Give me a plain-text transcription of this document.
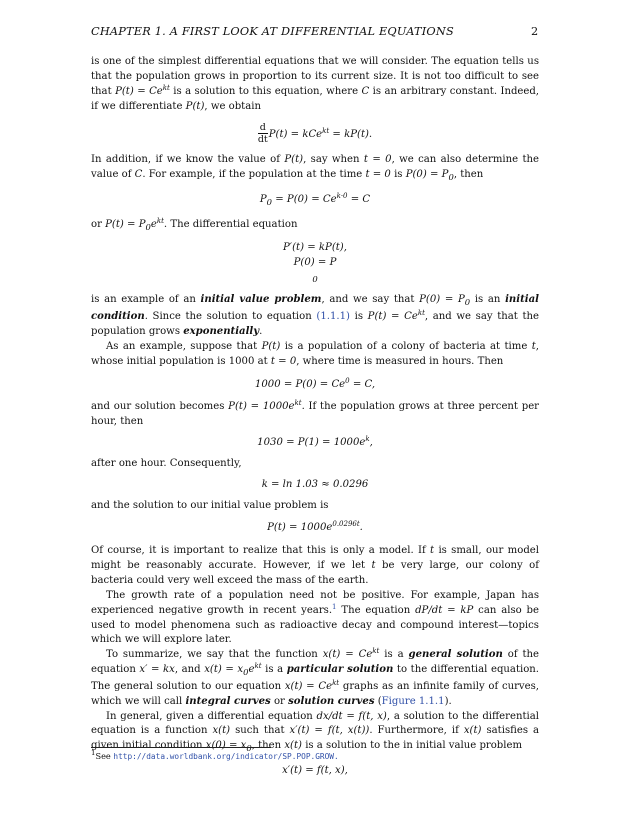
CHAPTER 1. A FIRST LOOK AT DIFFERENTIAL EQUATIONS	2

is one of the simplest differential equations that we will consider. The equation tells us that the population grows in proportion to its current size. It is not too difficult to see that $P(t) = Ce^{kt}$ is a solution to this equation, where C is an arbitrary constant. Indeed, if we differentiate P(t), we obtain

$\frac{d}{dt} P(t) = kCe^{kt} = kP(t)$.

In addition, if we know the value of P(t), say when t = 0, we can also determine the value of C. For example, if the population at the time t = 0 is $P(0) = P_0$, then

$P_0 = P(0) = Ce^{k\cdot 0} = C$

or $P(t) = P_0e^{kt}$. The differential equation

P′(t) = kP(t),
P(0) = P
$_0$

is an example of an initial value problem, and we say that $P(0) = P_0$ is an initial condition. Since the solution to equation (1.1.1) is $P(t) = Ce^{kt}$, and we say that the population grows exponentially.

As an example, suppose that P(t) is a population of a colony of bacteria at time t, whose initial population is 1000 at t = 0, where time is measured in hours. Then

$1000 = P(0) = Ce^0 = C$,

and our solution becomes $P(t) = 1000e^{kt}$. If the population grows at three percent per hour, then

$1030 = P(1) = 1000e^k$,

after one hour. Consequently,

k = ln 1.03 ≈ 0.0296

and the solution to our initial value problem is

$P(t) = 1000e^{0.0296t}$.

Of course, it is important to realize that this is only a model. If t is small, our model might be reasonably accurate. However, if we let t be very large, our colony of bacteria could very well exceed the mass of the earth.

The growth rate of a population need not be positive. For example, Japan has experienced negative growth in recent years.$^1$ The equation dP/dt = kP can also be used to model phenomena such as radioactive decay and compound interest—topics which we will explore later.

To summarize, we say that the function $x(t) = Ce^{kt}$ is a general solution of the equation x′ = kx, and $x(t) = x_0e^{kt}$ is a particular solution to the differential equation. The general solution to our equation $x(t) = Ce^{kt}$ graphs as an infinite family of curves, which we will call integral curves or solution curves (Figure 1.1.1).

In general, given a differential equation dx/dt = f(t, x), a solution to the differential equation is a function x(t) such that x′(t) = f(t, x(t)). Furthermore, if x(t) satisfies a given initial condition $x(0) = x_0$, then x(t) is a solution to the in initial value problem

x′(t) = f(t, x),
$^1$See http://data.worldbank.org/indicator/SP.POP.GROW.
